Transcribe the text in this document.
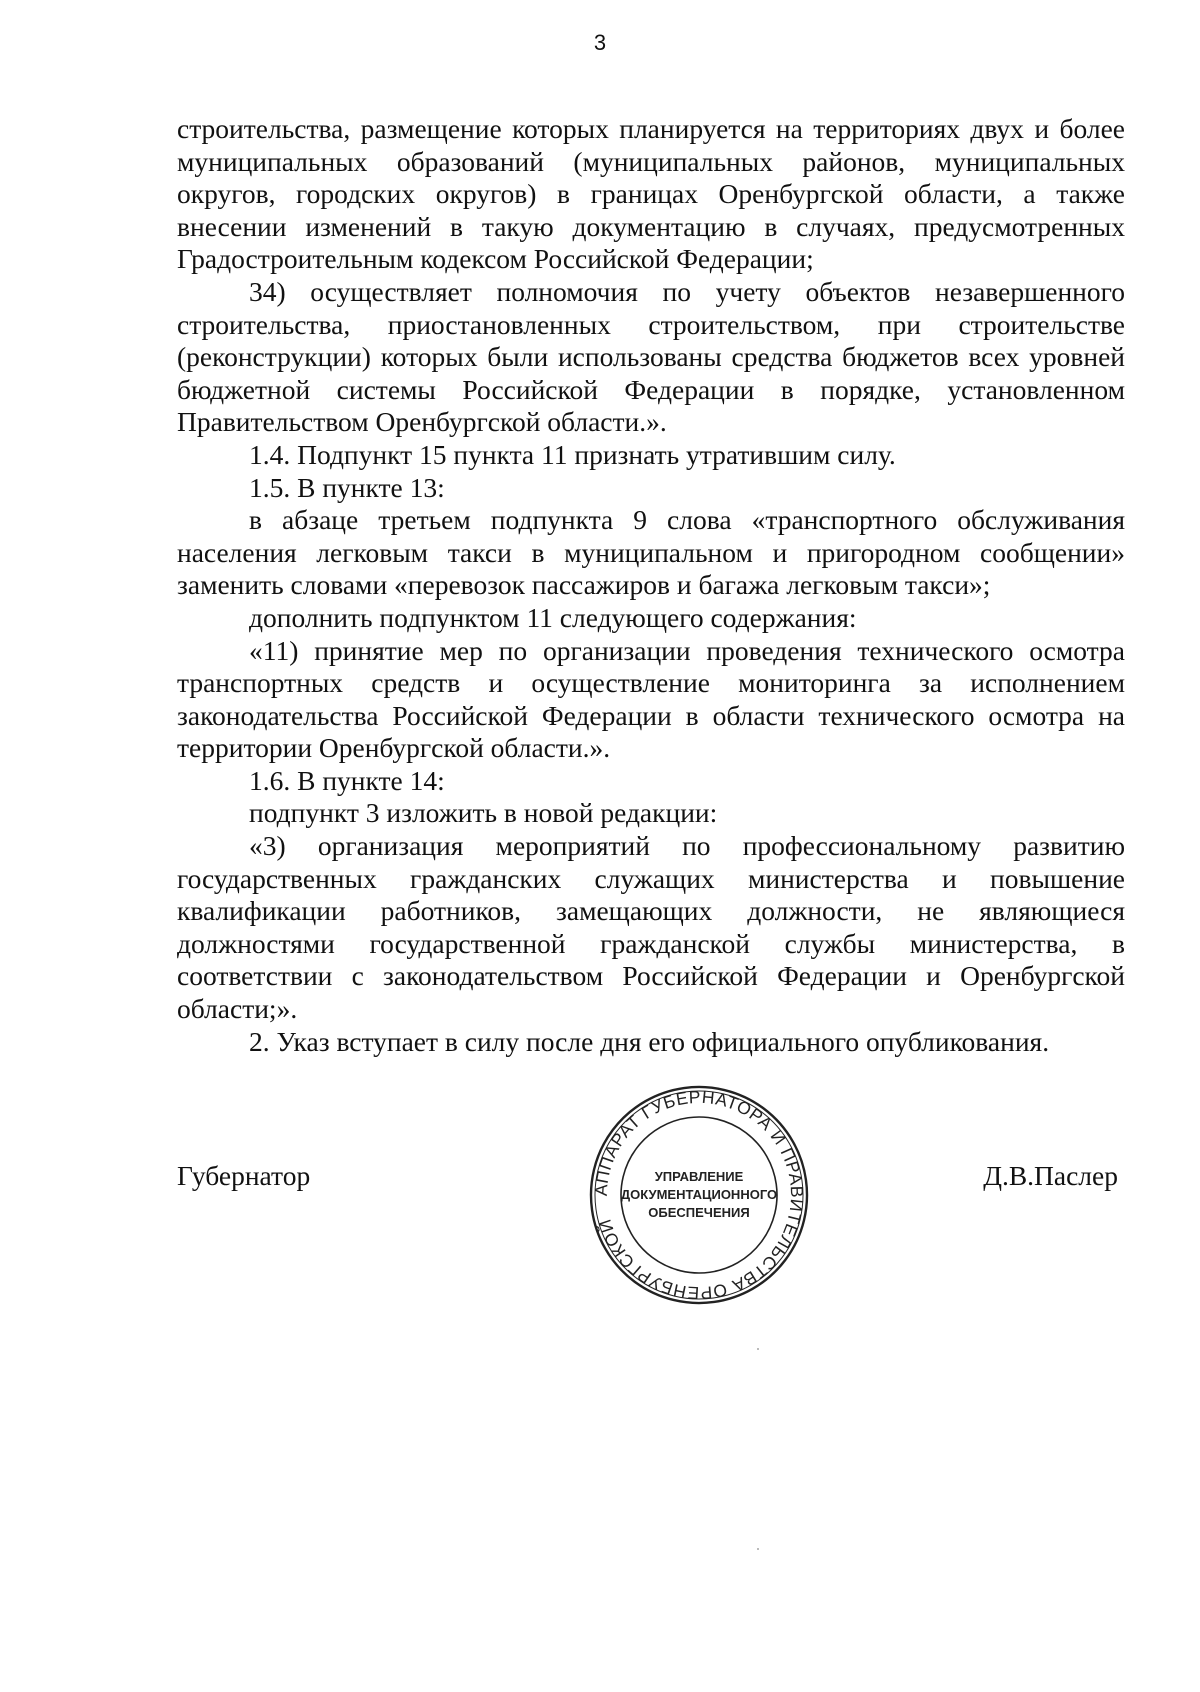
3

строительства, размещение которых планируется на территориях двух и более муниципальных образований (муниципальных районов, муниципальных округов, городских округов) в границах Оренбургской области, а также внесении изменений в такую документацию в случаях, предусмотренных Градостроительным кодексом Российской Федерации;

34) осуществляет полномочия по учету объектов незавершенного строительства, приостановленных строительством, при строительстве (реконструкции) которых были использованы средства бюджетов всех уровней бюджетной системы Российской Федерации в порядке, установленном Правительством Оренбургской области.».

1.4. Подпункт 15 пункта 11 признать утратившим силу.

1.5. В пункте 13:

в абзаце третьем подпункта 9 слова «транспортного обслуживания населения легковым такси в муниципальном и пригородном сообщении» заменить словами «перевозок пассажиров и багажа легковым такси»;

дополнить подпунктом 11 следующего содержания:

«11) принятие мер по организации проведения технического осмотра транспортных средств и осуществление мониторинга за исполнением законодательства Российской Федерации в области технического осмотра на территории Оренбургской области.».

1.6. В пункте 14:

подпункт 3 изложить в новой редакции:

«3) организация мероприятий по профессиональному развитию государственных гражданских служащих министерства и повышение квалификации работников, замещающих должности, не являющиеся должностями государственной гражданской службы министерства, в соответствии с законодательством Российской Федерации и Оренбургской области;».

2. Указ вступает в силу после дня его официального опубликования.

Губернатор	АППАРАТ ГУБЕРНАТОРА И ПРАВИТЕЛЬСТВА ОРЕНБУРГСКОЙ
УПРАВЛЕНИЕ
ДОКУМЕНТАЦИОННОГО
ОБЕСПЕЧЕНИЯ
Д.В.Паслер
